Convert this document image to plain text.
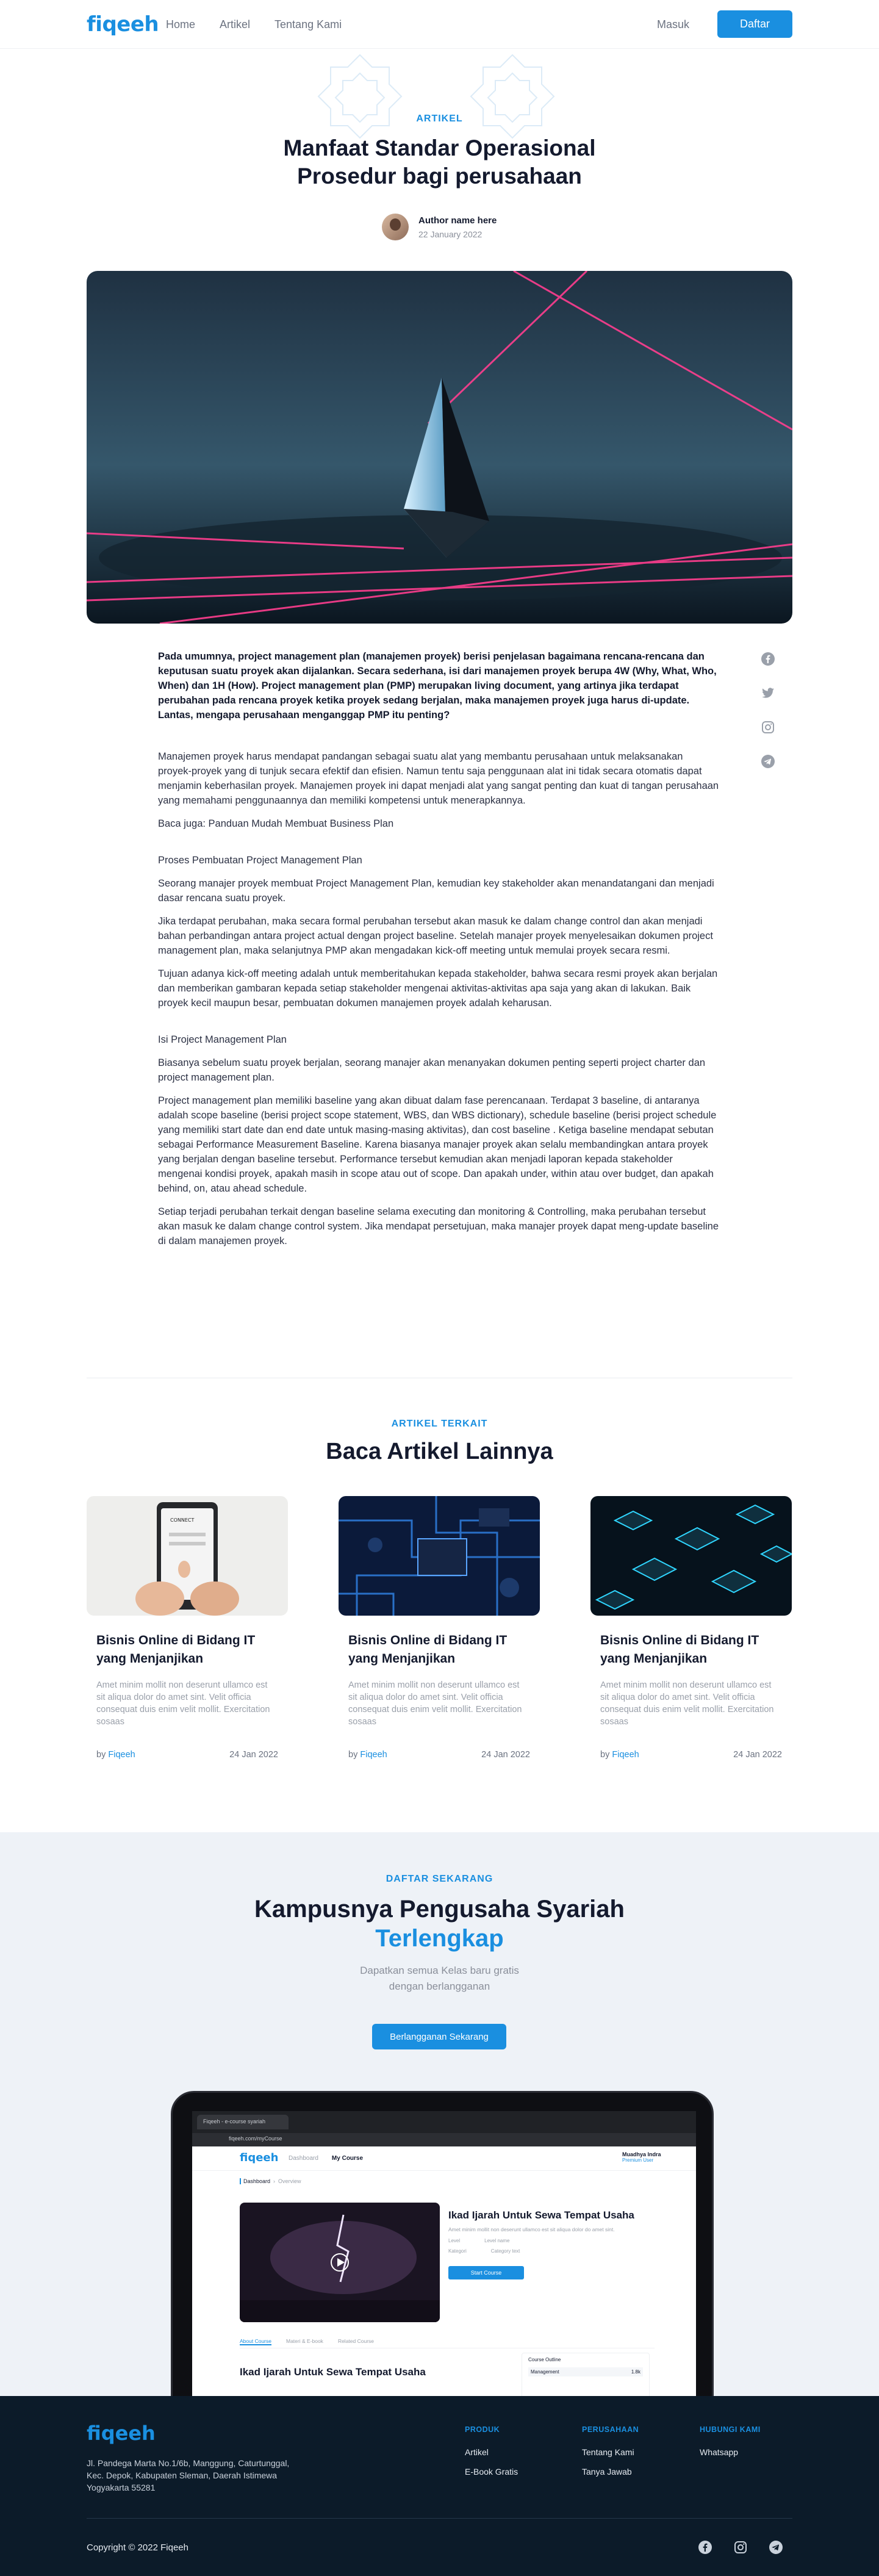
fiqeeh Home Artikel Tentang Kami	Masuk	Daftar
ARTIKEL
Manfaat Standar Operasional
Prosedur bagi perusahaan
Author name here
22 January 2022

Pada umumnya, project management plan (manajemen proyek) berisi penjelasan bagaimana rencana-rencana dan keputusan suatu proyek akan dijalankan. Secara sederhana, isi dari manajemen proyek berupa 4W (Why, What, Who, When) dan 1H (How). Project management plan (PMP) merupakan living document, yang artinya jika terdapat perubahan pada rencana proyek ketika proyek sedang berjalan, maka manajemen proyek juga harus di-update. Lantas, mengapa perusahaan menganggap PMP itu penting?

Manajemen proyek harus mendapat pandangan sebagai suatu alat yang membantu perusahaan untuk melaksanakan proyek-proyek yang di tunjuk secara efektif dan efisien. Namun tentu saja penggunaan alat ini tidak secara otomatis dapat menjamin keberhasilan proyek. Manajemen proyek ini dapat menjadi alat yang sangat penting dan kuat di tangan perusahaan yang memahami penggunaannya dan memiliki kompetensi untuk menerapkannya.

Baca juga: Panduan Mudah Membuat Business Plan

Proses Pembuatan Project Management Plan

Seorang manajer proyek membuat Project Management Plan, kemudian key stakeholder akan menandatangani dan menjadi dasar rencana suatu proyek.

Jika terdapat perubahan, maka secara formal perubahan tersebut akan masuk ke dalam change control dan akan menjadi bahan perbandingan antara project actual dengan project baseline. Setelah manajer proyek menyelesaikan dokumen project management plan, maka selanjutnya PMP akan mengadakan kick-off meeting untuk memulai proyek secara resmi.

Tujuan adanya kick-off meeting adalah untuk memberitahukan kepada stakeholder, bahwa secara resmi proyek akan berjalan dan memberikan gambaran kepada setiap stakeholder mengenai aktivitas-aktivitas apa saja yang akan di lakukan. Baik proyek kecil maupun besar, pembuatan dokumen manajemen proyek adalah keharusan.

Isi Project Management Plan

Biasanya sebelum suatu proyek berjalan, seorang manajer akan menanyakan dokumen penting seperti project charter dan project management plan.

Project management plan memiliki baseline yang akan dibuat dalam fase perencanaan. Terdapat 3 baseline, di antaranya adalah scope baseline (berisi project scope statement, WBS, dan WBS dictionary), schedule baseline (berisi project schedule yang memiliki start date dan end date untuk masing-masing aktivitas), dan cost baseline . Ketiga baseline mendapat sebutan sebagai Performance Measurement Baseline. Karena biasanya manajer proyek akan selalu membandingkan antara proyek yang berjalan dengan baseline tersebut. Performance tersebut kemudian akan menjadi laporan kepada stakeholder mengenai kondisi proyek, apakah masih in scope atau out of scope. Dan apakah under, within atau over budget, dan apakah behind, on, atau ahead schedule.

Setiap terjadi perubahan terkait dengan baseline selama executing dan monitoring & Controlling, maka perubahan tersebut akan masuk ke dalam change control system. Jika mendapat persetujuan, maka manajer proyek dapat meng-update baseline di dalam manajemen proyek.

ARTIKEL TERKAIT
Baca Artikel Lainnya
CONNECT
Bisnis Online di Bidang IT yang Menjanjikan
Amet minim mollit non deserunt ullamco est sit aliqua dolor do amet sint. Velit officia consequat duis enim velit mollit. Exercitation sosaas
by Fiqeeh	24 Jan 2022
Bisnis Online di Bidang IT yang Menjanjikan
Amet minim mollit non deserunt ullamco est sit aliqua dolor do amet sint. Velit officia consequat duis enim velit mollit. Exercitation sosaas
by Fiqeeh	24 Jan 2022
Bisnis Online di Bidang IT yang Menjanjikan
Amet minim mollit non deserunt ullamco est sit aliqua dolor do amet sint. Velit officia consequat duis enim velit mollit. Exercitation sosaas
by Fiqeeh	24 Jan 2022
DAFTAR SEKARANG
Kampusnya Pengusaha Syariah
Terlengkap
Dapatkan semua Kelas baru gratis
dengan berlangganan
Berlangganan Sekarang
Fiqeeh - e-course syariah
fiqeeh.com/myCourse
fiqeeh Dashboard My Course
Muadhya Indra
Premium User
Dashboard  ›  Overview
Ikad Ijarah Untuk Sewa Tempat Usaha

Amet minim mollit non deserunt ullamco est sit aliqua dolor do amet sint.

Level	Level name
Kategori	Category text
Start Course
About Course	Materi & E-book	Related Course
Ikad Ijarah Untuk Sewa Tempat Usaha
Course Outline
Management	1.8k
fiqeeh
Jl. Pandega Marta No.1/6b, Manggung, Caturtunggal, Kec. Depok, Kabupaten Sleman, Daerah Istimewa Yogyakarta 55281
PRODUK
Artikel
E-Book Gratis
PERUSAHAAN
Tentang Kami
Tanya Jawab
HUBUNGI KAMI
Whatsapp
Copyright © 2022 Fiqeeh
